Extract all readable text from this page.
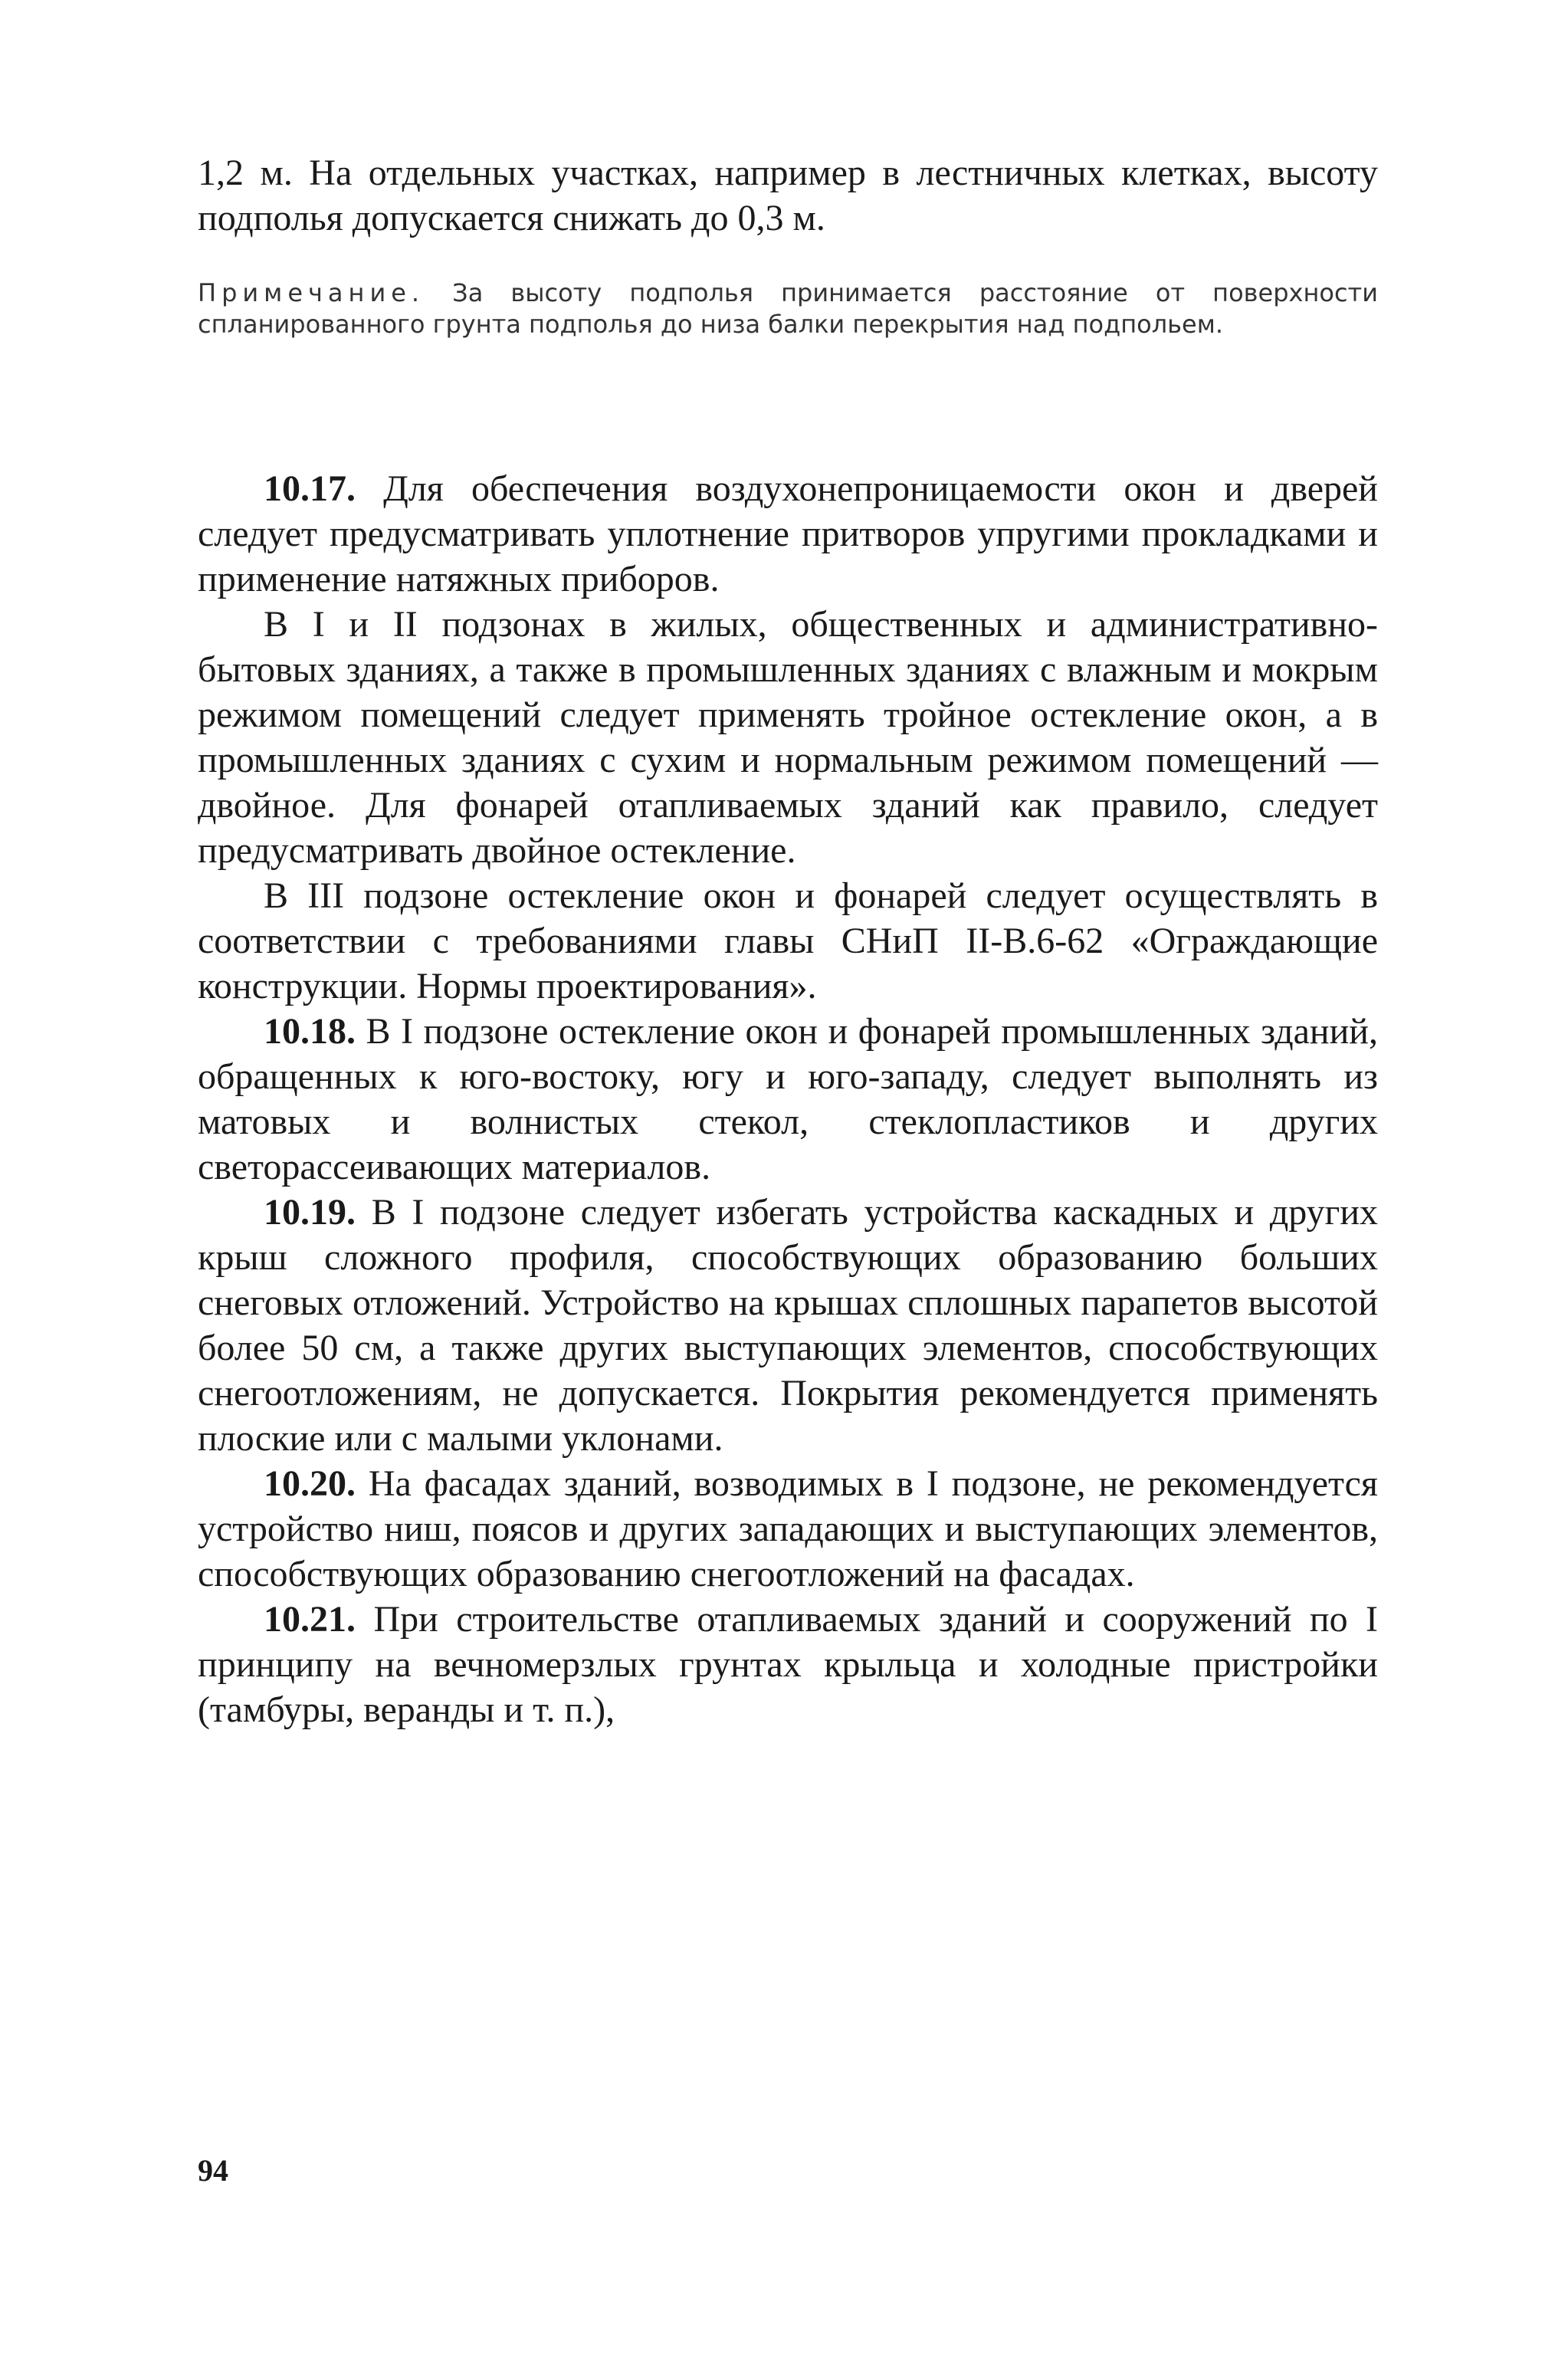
1,2 м. На отдельных участках, например в лестничных клетках, высоту подполья допускается снижать до 0,3 м.

Примечание. За высоту подполья принимается расстояние от поверхности спланированного грунта подполья до низа балки перекрытия над подпольем.

10.17. Для обеспечения воздухонепроницаемости окон и дверей следует предусматривать уплотнение притворов упругими прокладками и применение натяжных приборов.

В I и II подзонах в жилых, общественных и административно-бытовых зданиях, а также в промышленных зданиях с влажным и мокрым режимом помещений следует применять тройное остекление окон, а в промышленных зданиях с сухим и нормальным режимом помещений — двойное. Для фонарей отапливаемых зданий как правило, следует предусматривать двойное остекление.

В III подзоне остекление окон и фонарей следует осуществлять в соответствии с требованиями главы СНиП II-В.6-62 «Ограждающие конструкции. Нормы проектирования».

10.18. В I подзоне остекление окон и фонарей промышленных зданий, обращенных к юго-востоку, югу и юго-западу, следует выполнять из матовых и волнистых стекол, стеклопластиков и других светорассеивающих материалов.

10.19. В I подзоне следует избегать устройства каскадных и других крыш сложного профиля, способствующих образованию больших снеговых отложений. Устройство на крышах сплошных парапетов высотой более 50 см, а также других выступающих элементов, способствующих снегоотложениям, не допускается. Покрытия рекомендуется применять плоские или с малыми уклонами.

10.20. На фасадах зданий, возводимых в I подзоне, не рекомендуется устройство ниш, поясов и других западающих и выступающих элементов, способствующих образованию снегоотложений на фасадах.

10.21. При строительстве отапливаемых зданий и сооружений по I принципу на вечномерзлых грунтах крыльца и холодные пристройки (тамбуры, веранды и т. п.),

94
